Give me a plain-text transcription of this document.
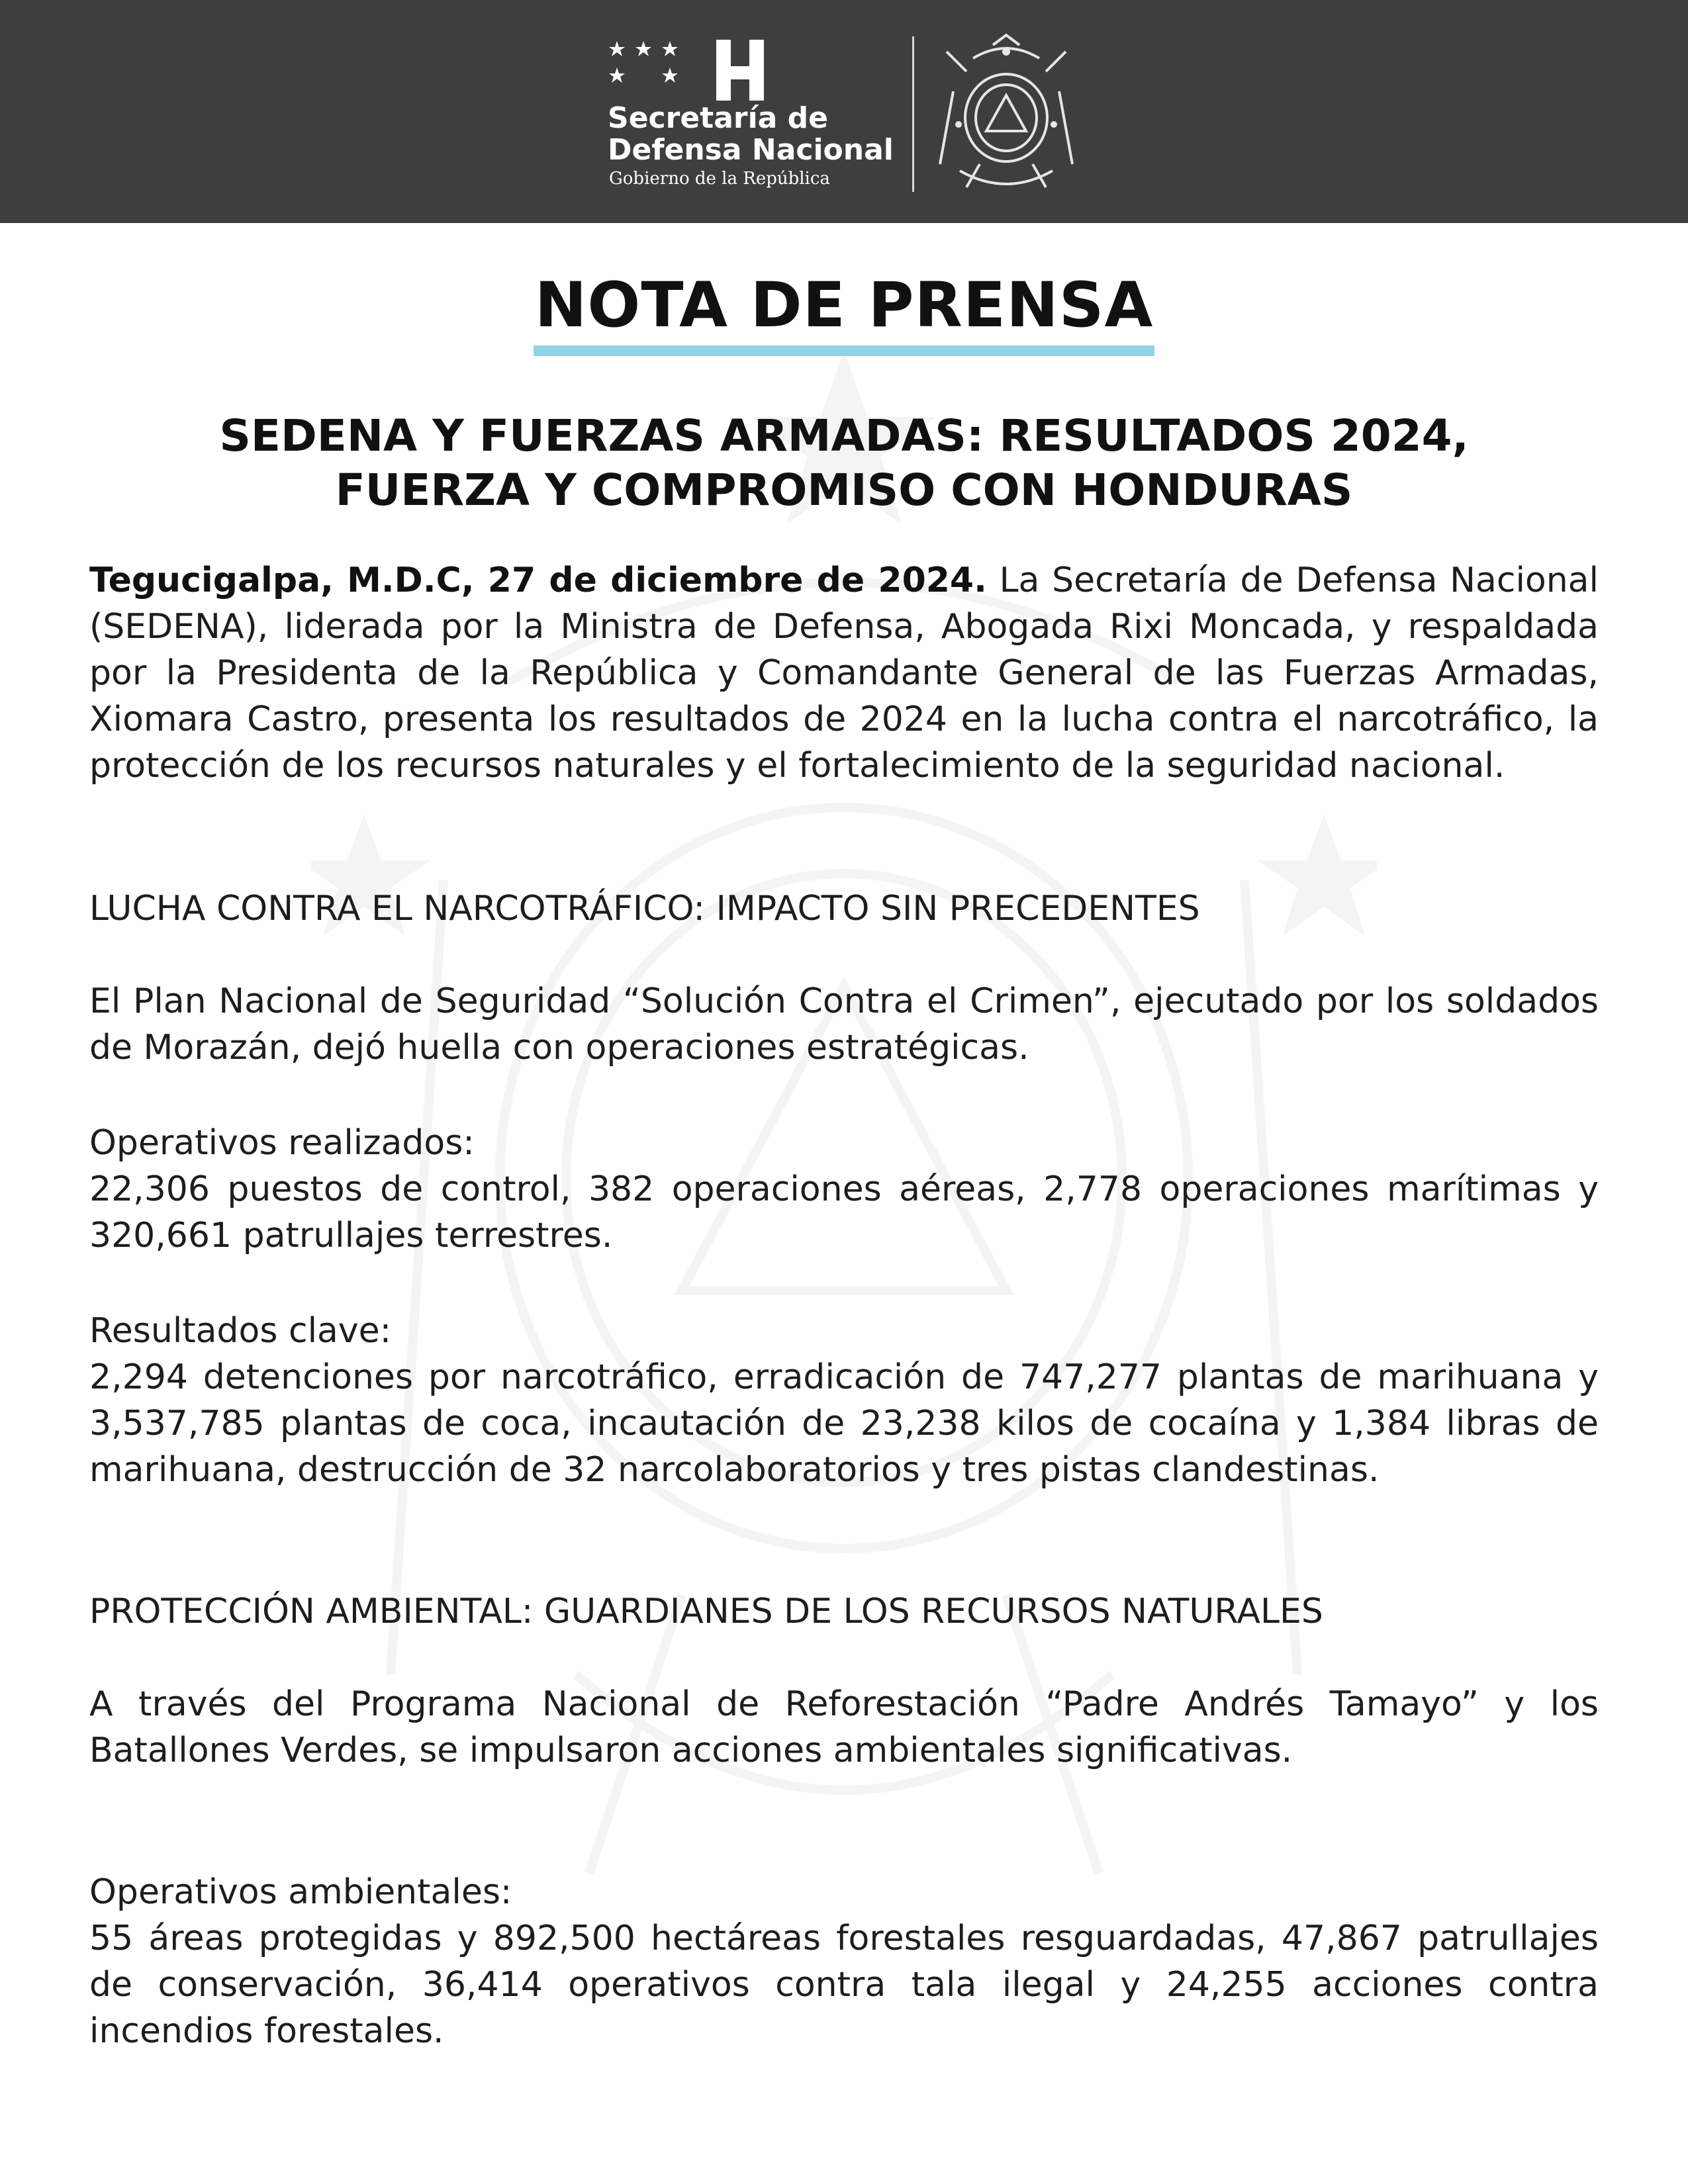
Secretaría de
Defensa Nacional
Gobierno de la República
NOTA DE PRENSA
SEDENA Y FUERZAS ARMADAS: RESULTADOS 2024,
FUERZA Y COMPROMISO CON HONDURAS

Tegucigalpa, M.D.C, 27 de diciembre de 2024. La Secretaría de Defensa Nacional (SEDENA), liderada por la Ministra de Defensa, Abogada Rixi Moncada, y respaldada por la Presidenta de la República y Comandante General de las Fuerzas Armadas, Xiomara Castro, presenta los resultados de 2024 en la lucha contra el narcotráfico, la protección de los recursos naturales y el fortalecimiento de la seguridad nacional.

LUCHA CONTRA EL NARCOTRÁFICO: IMPACTO SIN PRECEDENTES

El Plan Nacional de Seguridad “Solución Contra el Crimen”, ejecutado por los soldados de Morazán, dejó huella con operaciones estratégicas.

Operativos realizados:

22,306 puestos de control, 382 operaciones aéreas, 2,778 operaciones marítimas y 320,661 patrullajes terrestres.

Resultados clave:

2,294 detenciones por narcotráfico, erradicación de 747,277 plantas de marihuana y 3,537,785 plantas de coca, incautación de 23,238 kilos de cocaína y 1,384 libras de marihuana, destrucción de 32 narcolaboratorios y tres pistas clandestinas.

PROTECCIÓN AMBIENTAL: GUARDIANES DE LOS RECURSOS NATURALES

A través del Programa Nacional de Reforestación “Padre Andrés Tamayo” y los Batallones Verdes, se impulsaron acciones ambientales significativas.

Operativos ambientales:

55 áreas protegidas y 892,500 hectáreas forestales resguardadas, 47,867 patrullajes de conservación, 36,414 operativos contra tala ilegal y 24,255 acciones contra incendios forestales.
